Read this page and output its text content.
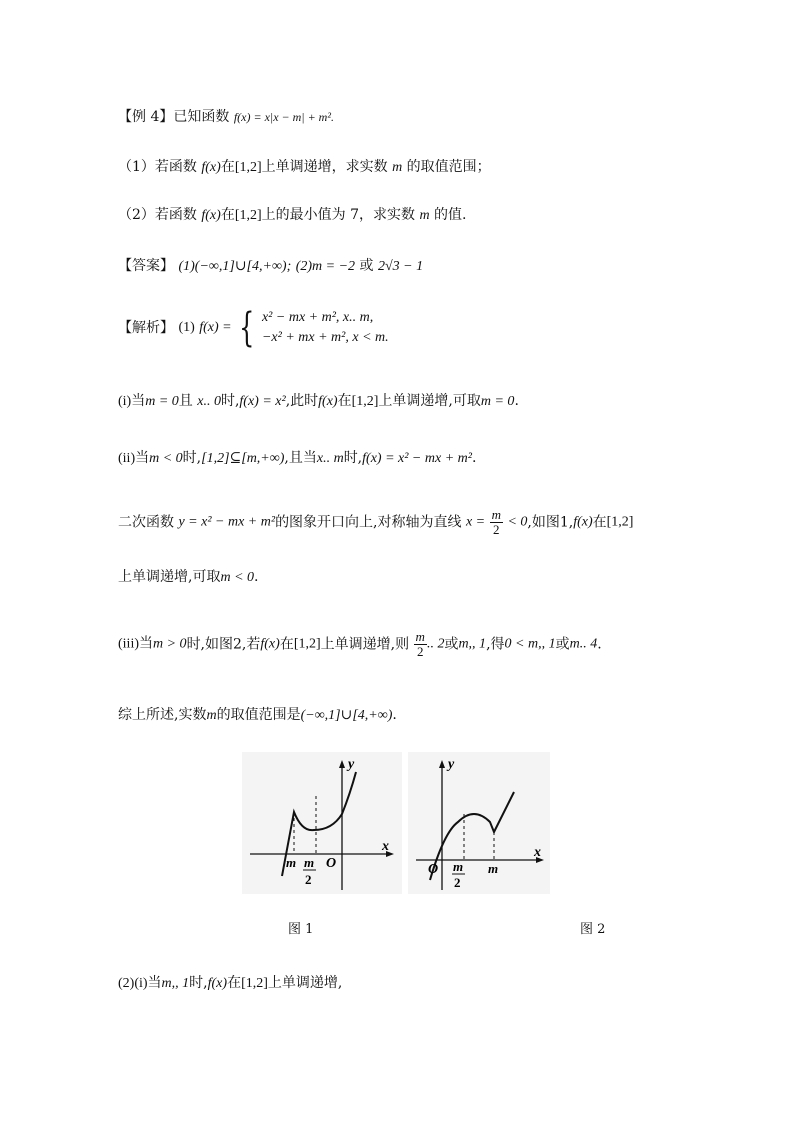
【例 4】已知函数 f(x) = x|x − m| + m².
（1）若函数 f(x)在[1,2]上单调递增，求实数 m 的取值范围；
（2）若函数 f(x)在[1,2]上的最小值为 7，求实数 m 的值.
【答案】 (1)(−∞,1]∪[4,+∞); (2)m = −2 或 2√3 − 1
【解析】 (1) f(x) = { x² − mx + m², x.. m,
−x² + mx + m², x < m.
(i)当m = 0且 x.. 0时,f(x) = x²,此时f(x)在[1,2]上单调递增,可取m = 0.
(ii)当m < 0时,[1,2]⊆[m,+∞),且当x.. m时,f(x) = x² − mx + m².
二次函数 y = x² − mx + m²的图象开口向上,对称轴为直线 $x = \frac{m}{2} < 0$,如图1,f(x)在[1,2]
上单调递增,可取m < 0.
(iii)当m > 0时,如图2,若f(x)在[1,2]上单调递增,则 $\frac{m}{2}$ .. 2或m,, 1,得0 < m,, 1或m.. 4.
综上所述,实数m的取值范围是(−∞,1]∪[4,+∞).
m m
2
O
x
y
O m
2
m
x
y
图 1	图 2
(2)(i)当m,, 1时,f(x)在[1,2]上单调递增,
